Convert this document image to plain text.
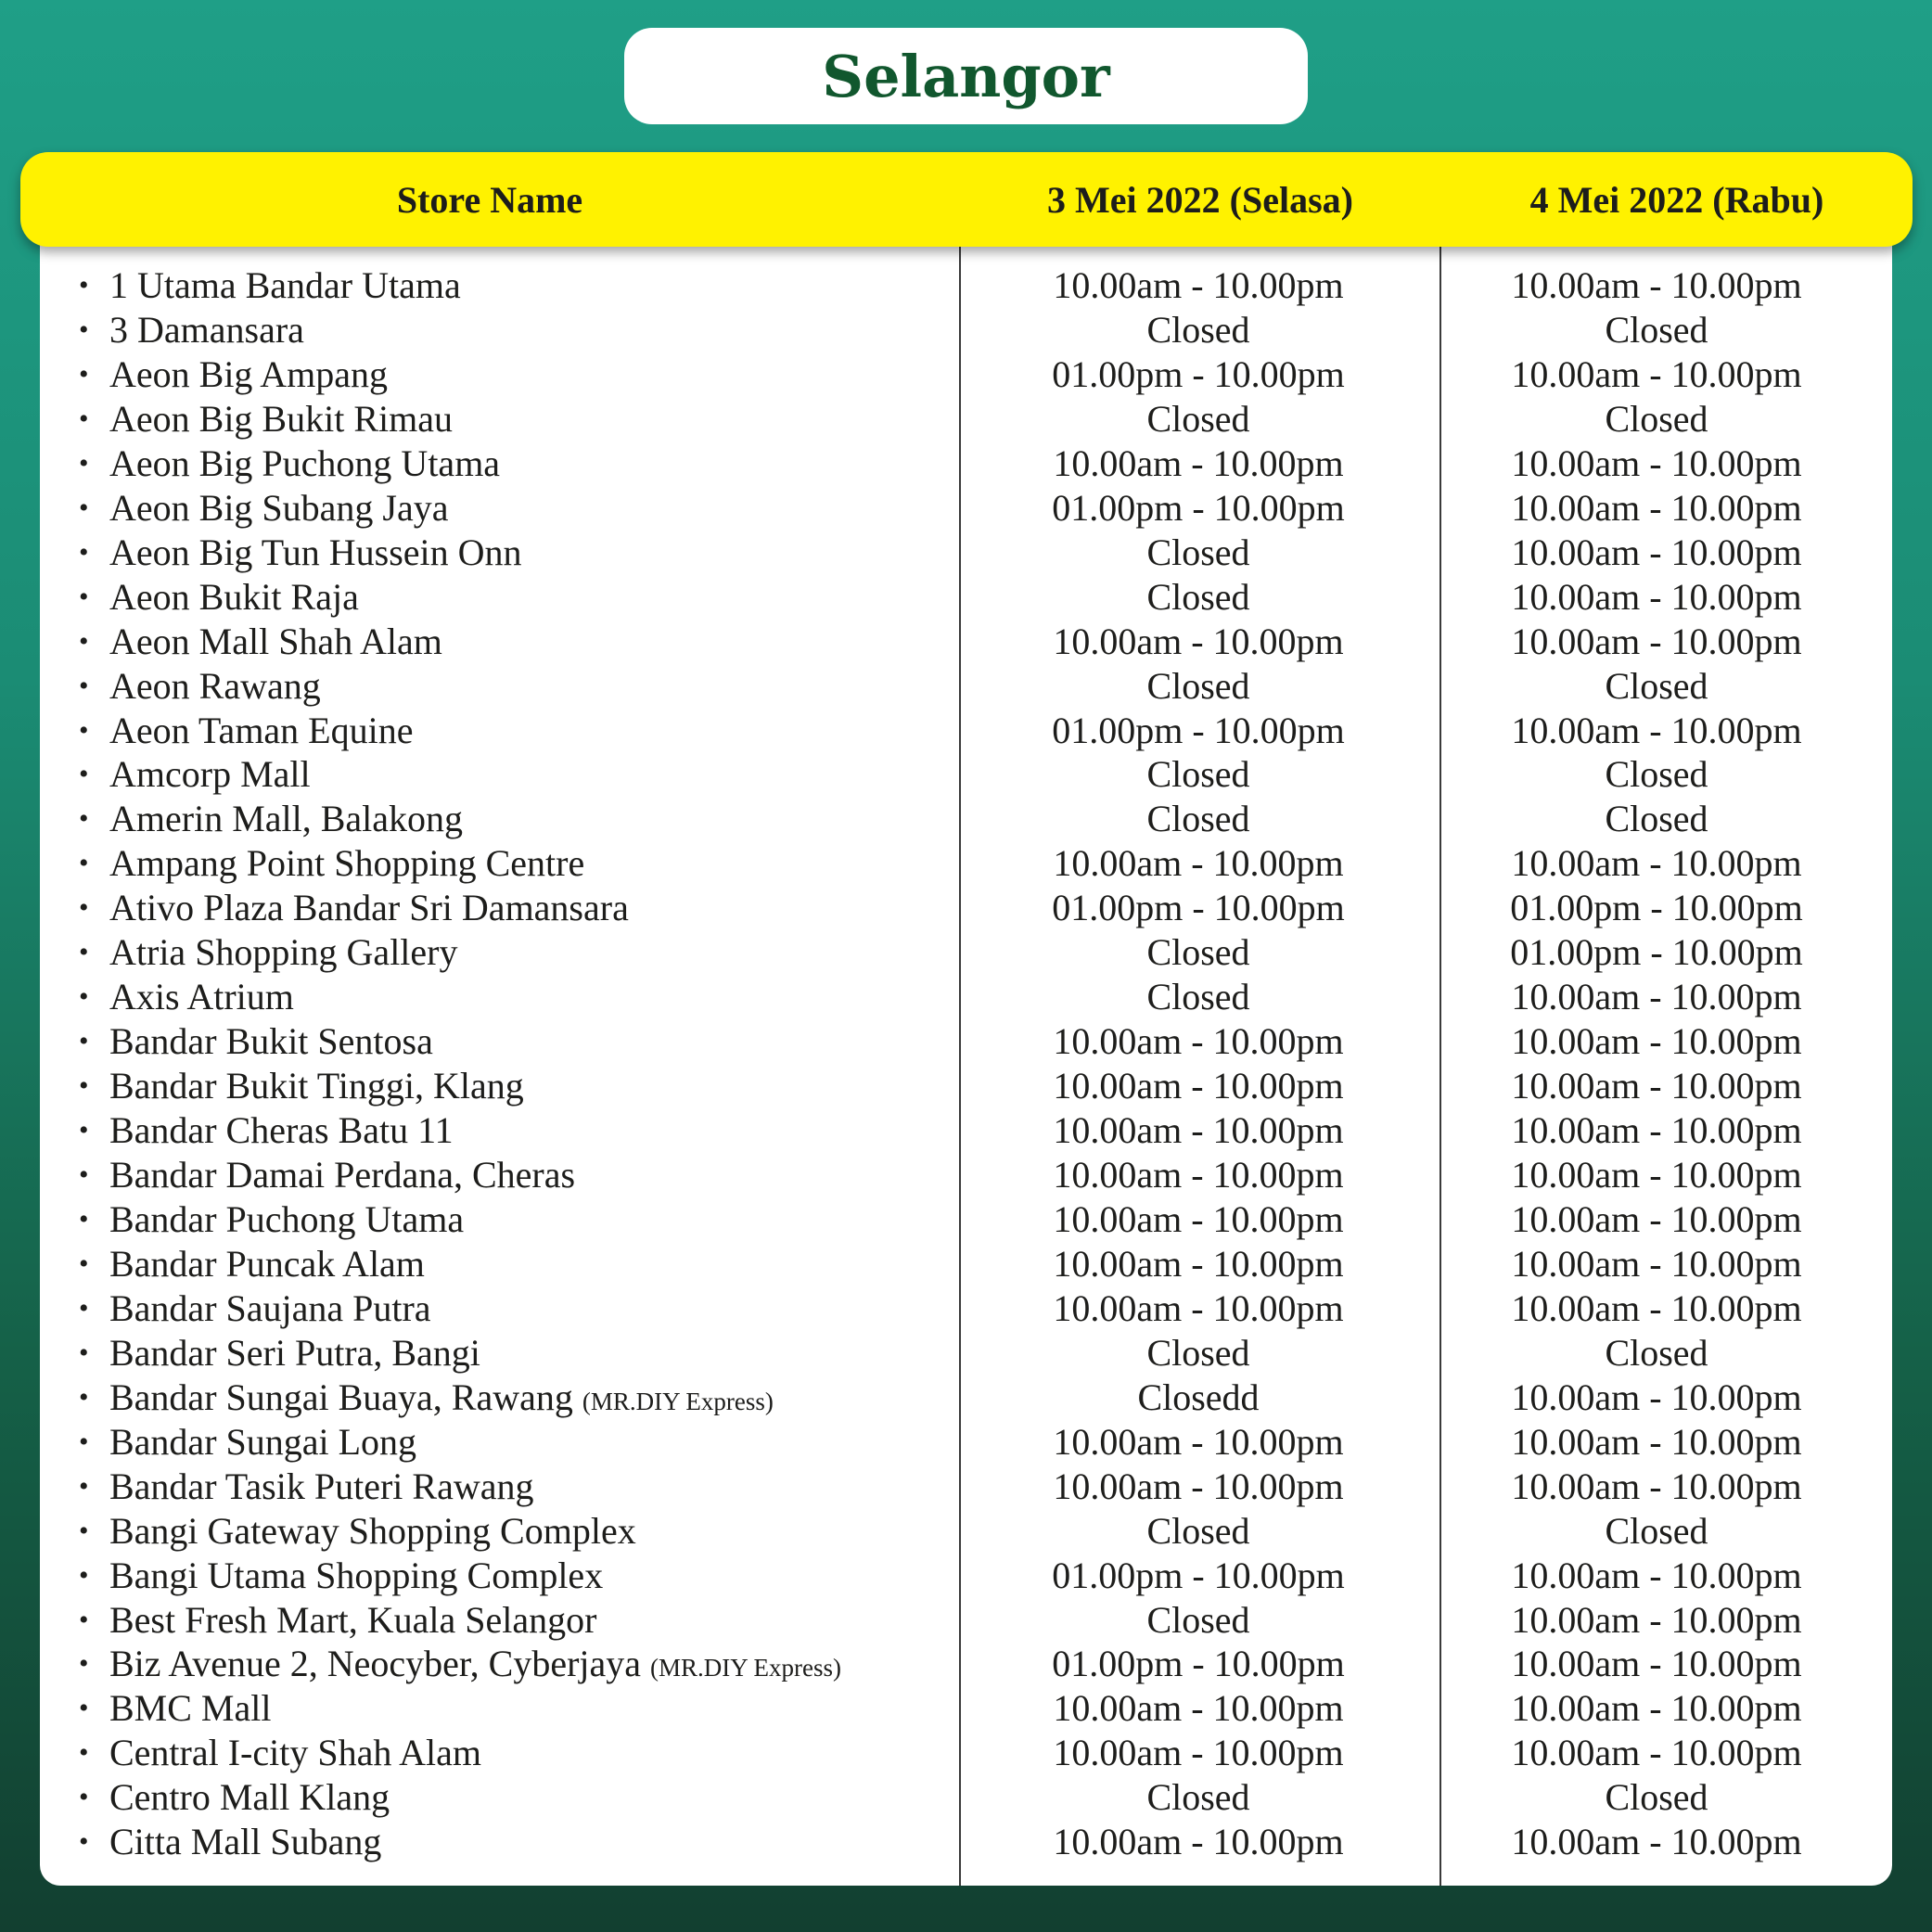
Selangor
Store Name	3 Mei 2022 (Selasa)	4 Mei 2022 (Rabu)
• 1 Utama Bandar Utama	10.00am - 10.00pm	10.00am - 10.00pm
• 3 Damansara	Closed	Closed
• Aeon Big Ampang	01.00pm - 10.00pm	10.00am - 10.00pm
• Aeon Big Bukit Rimau	Closed	Closed
• Aeon Big Puchong Utama	10.00am - 10.00pm	10.00am - 10.00pm
• Aeon Big Subang Jaya	01.00pm - 10.00pm	10.00am - 10.00pm
• Aeon Big Tun Hussein Onn	Closed	10.00am - 10.00pm
• Aeon Bukit Raja	Closed	10.00am - 10.00pm
• Aeon Mall Shah Alam	10.00am - 10.00pm	10.00am - 10.00pm
• Aeon Rawang	Closed	Closed
• Aeon Taman Equine	01.00pm - 10.00pm	10.00am - 10.00pm
• Amcorp Mall	Closed	Closed
• Amerin Mall, Balakong	Closed	Closed
• Ampang Point Shopping Centre	10.00am - 10.00pm	10.00am - 10.00pm
• Ativo Plaza Bandar Sri Damansara	01.00pm - 10.00pm	01.00pm - 10.00pm
• Atria Shopping Gallery	Closed	01.00pm - 10.00pm
• Axis Atrium	Closed	10.00am - 10.00pm
• Bandar Bukit Sentosa	10.00am - 10.00pm	10.00am - 10.00pm
• Bandar Bukit Tinggi, Klang	10.00am - 10.00pm	10.00am - 10.00pm
• Bandar Cheras Batu 11	10.00am - 10.00pm	10.00am - 10.00pm
• Bandar Damai Perdana, Cheras	10.00am - 10.00pm	10.00am - 10.00pm
• Bandar Puchong Utama	10.00am - 10.00pm	10.00am - 10.00pm
• Bandar Puncak Alam	10.00am - 10.00pm	10.00am - 10.00pm
• Bandar Saujana Putra	10.00am - 10.00pm	10.00am - 10.00pm
• Bandar Seri Putra, Bangi	Closed	Closed
• Bandar Sungai Buaya, Rawang (MR.DIY Express)	Closedd	10.00am - 10.00pm
• Bandar Sungai Long	10.00am - 10.00pm	10.00am - 10.00pm
• Bandar Tasik Puteri Rawang	10.00am - 10.00pm	10.00am - 10.00pm
• Bangi Gateway Shopping Complex	Closed	Closed
• Bangi Utama Shopping Complex	01.00pm - 10.00pm	10.00am - 10.00pm
• Best Fresh Mart, Kuala Selangor	Closed	10.00am - 10.00pm
• Biz Avenue 2, Neocyber, Cyberjaya (MR.DIY Express)	01.00pm - 10.00pm	10.00am - 10.00pm
• BMC Mall	10.00am - 10.00pm	10.00am - 10.00pm
• Central I-city Shah Alam	10.00am - 10.00pm	10.00am - 10.00pm
• Centro Mall Klang	Closed	Closed
• Citta Mall Subang	10.00am - 10.00pm	10.00am - 10.00pm
